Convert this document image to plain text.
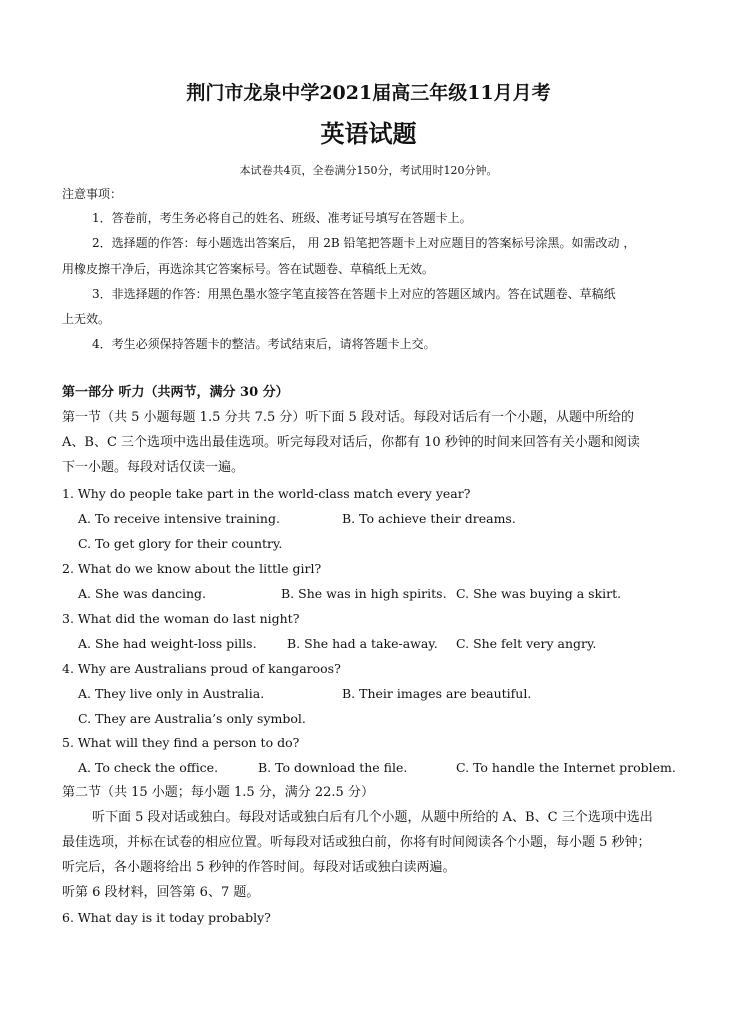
荆门市龙泉中学2021届高三年级11月月考
英语试题
本试卷共4页，全卷满分150分，考试用时120分钟。
注意事项：
1．答卷前，考生务必将自己的姓名、班级、准考证号填写在答题卡上。
2．选择题的作答：每小题选出答案后， 用 2B 铅笔把答题卡上对应题目的答案标号涂黑。如需改动 ，
用橡皮擦干净后，再选涂其它答案标号。答在试题卷、草稿纸上无效。
3．非选择题的作答：用黑色墨水签字笔直接答在答题卡上对应的答题区域内。答在试题卷、草稿纸
上无效。
4．考生必须保持答题卡的整洁。考试结束后，请将答题卡上交。
第一部分 听力（共两节，满分 30 分）
第一节（共 5 小题每题 1.5 分共 7.5 分）听下面 5 段对话。每段对话后有一个小题，从题中所给的
A、B、C 三个选项中选出最佳选项。听完每段对话后，你都有 10 秒钟的时间来回答有关小题和阅读
下一小题。每段对话仅读一遍。
1. Why do people take part in the world-class match every year?
A. To receive intensive training.	B. To achieve their dreams.
C. To get glory for their country.
2. What do we know about the little girl?
A. She was dancing.	B. She was in high spirits. C. She was buying a skirt.
3. What did the woman do last night?
A. She had weight-loss pills. B. She had a take-away. C. She felt very angry.
4. Why are Australians proud of kangaroos?
A. They live only in Australia.	B. Their images are beautiful.
C. They are Australia’s only symbol.
5. What will they find a person to do?
A. To check the office.	B. To download the file.	C. To handle the Internet problem.
第二节（共 15 小题；每小题 1.5 分，满分 22.5 分）
听下面 5 段对话或独白。每段对话或独白后有几个小题，从题中所给的 A、B、C 三个选项中选出
最佳选项，并标在试卷的相应位置。听每段对话或独白前，你将有时间阅读各个小题，每小题 5 秒钟；
听完后，各小题将给出 5 秒钟的作答时间。每段对话或独白读两遍。
听第 6 段材料，回答第 6、7 题。
6. What day is it today probably?
